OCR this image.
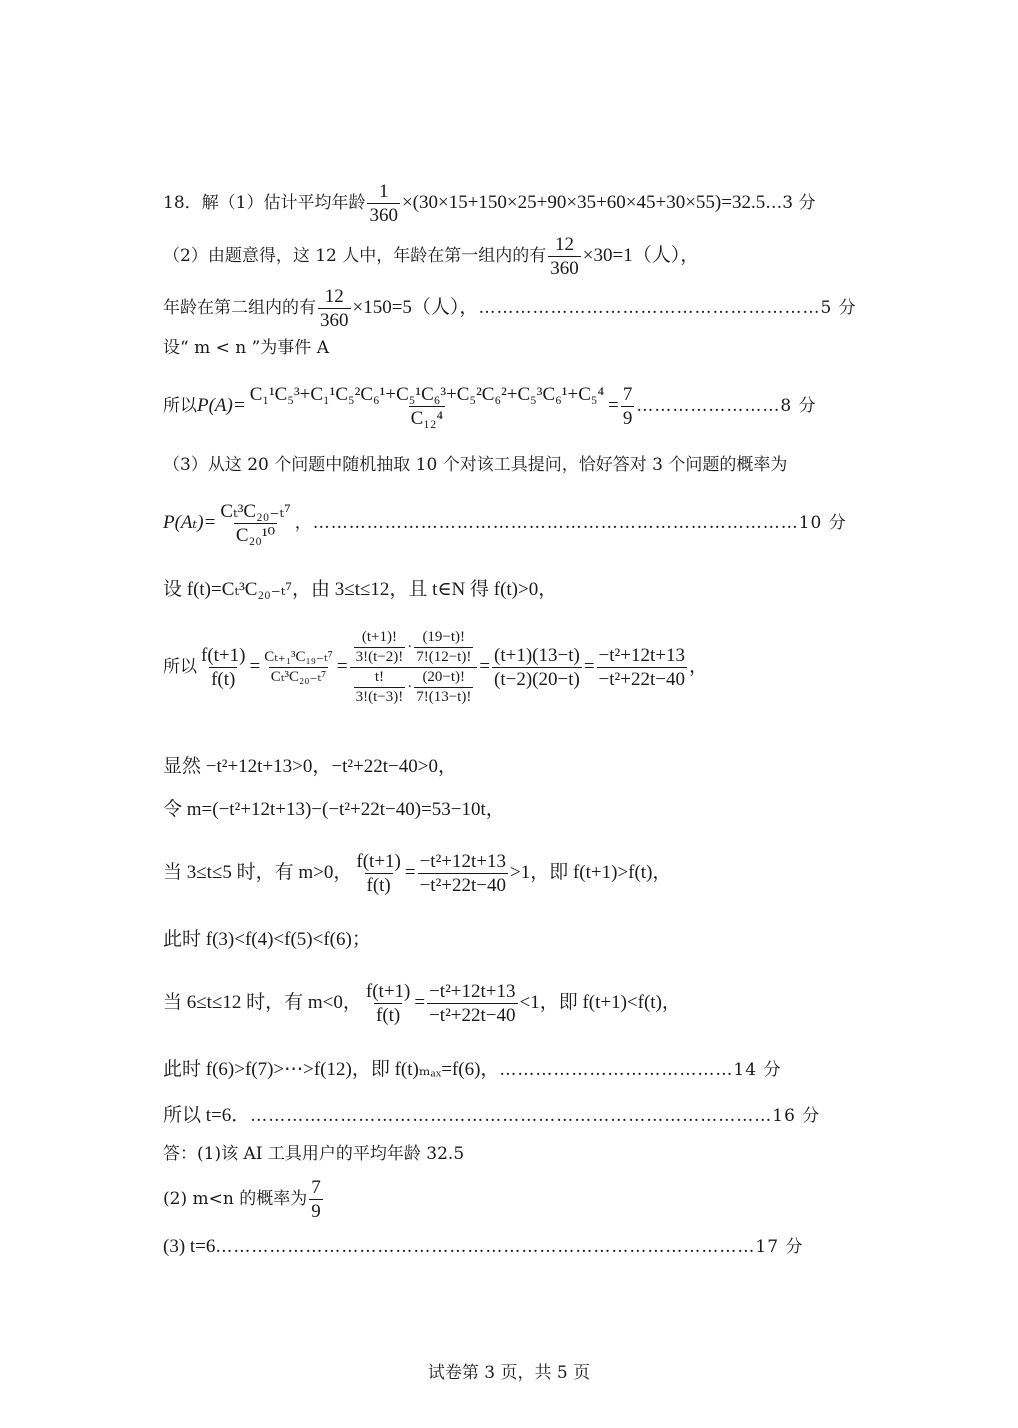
18．解（1）估计平均年龄 $\frac{1}{360}$ ×(30×15+150×25+90×35+60×45+30×55)=32.5…3 分
（2）由题意得，这 12 人中，年龄在第一组内的有 $\frac{12}{360} \times 30=1$（人），
年龄在第二组内的有 $\frac{12}{360} \times 150=5$（人），…………………………………………………5 分
设“ m < n ”为事件 A
所以$P(A)= \frac{\text{C₁¹C₅³+C₁¹C₅²C₆¹+C₅¹C₆³+C₅²C₆²+C₅³C₆¹+C₅⁴}}{\text{C₁₂⁴}} = \frac{7}{9}$ ……………………8 分
（3）从这 20 个问题中随机抽取 10 个对该工具提问，恰好答对 3 个问题的概率为
$P(A_t)= \frac{\text{Cₜ³C₂₀₋ₜ⁷}}{\text{C₂₀¹⁰}}$ ，………………………………………………………………………10 分
设 f(t)=Cₜ³C₂₀₋ₜ⁷，由 3≤t≤12，且 t∈N 得 f(t)>0，
所以 $\frac{f(t+1)}{f(t)} = \frac{\text{Cₜ₊₁³C₁₉₋ₜ⁷}}{\text{Cₜ³C₂₀₋ₜ⁷}} = \frac{\frac{(t+1)!}{3!(t-2)!} \cdot \frac{(19-t)!}{7!(12-t)!}}{\frac{t!}{3!(t-3)!} \cdot \frac{(20-t)!}{7!(13-t)!}} = \frac{(t+1)(13-t)}{(t-2)(20-t)} = \frac{\text{−t²+12t+13}}{\text{−t²+22t−40}}$ ，
显然 −t²+12t+13>0，−t²+22t−40>0，
令 m=(−t²+12t+13)−(−t²+22t−40)=53−10t，
当 3≤t≤5 时，有 m>0， $\frac{f(t+1)}{f(t)} = \frac{\text{−t²+12t+13}}{\text{−t²+22t−40}} >1$，即 f(t+1)>f(t)，
此时 f(3)<f(4)<f(5)<f(6)；
当 6≤t≤12 时，有 m<0， $\frac{f(t+1)}{f(t)} = \frac{\text{−t²+12t+13}}{\text{−t²+22t−40}} <1$，即 f(t+1)<f(t)，
此时 f(6)>f(7)>⋯>f(12)，即 f(t)ₘₐₓ=f(6)，…………………………………14 分
所以 t=6．……………………………………………………………………………16 分
答：(1)该 AI 工具用户的平均年龄 32.5
(2) m<n 的概率为 $\frac{7}{9}$
(3) t=6………………………………………………………………………………17 分
试卷第 3 页，共 5 页
